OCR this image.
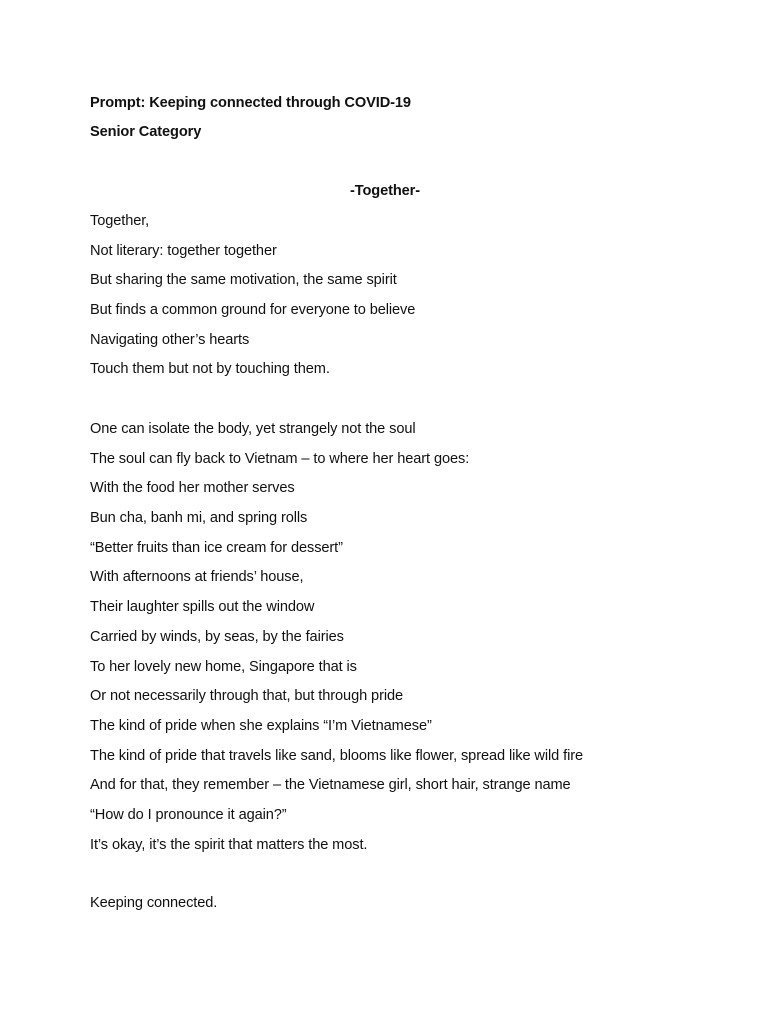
Prompt: Keeping connected through COVID-19
Senior Category
-Together-
Together,
Not literary: together together
But sharing the same motivation, the same spirit
But finds a common ground for everyone to believe
Navigating other’s hearts
Touch them but not by touching them.
One can isolate the body, yet strangely not the soul
The soul can fly back to Vietnam – to where her heart goes:
With the food her mother serves
Bun cha, banh mi, and spring rolls
“Better fruits than ice cream for dessert”
With afternoons at friends’ house,
Their laughter spills out the window
Carried by winds, by seas, by the fairies
To her lovely new home, Singapore that is
Or not necessarily through that, but through pride
The kind of pride when she explains “I’m Vietnamese”
The kind of pride that travels like sand, blooms like flower, spread like wild fire
And for that, they remember – the Vietnamese girl, short hair, strange name
“How do I pronounce it again?”
It’s okay, it’s the spirit that matters the most.
Keeping connected.
